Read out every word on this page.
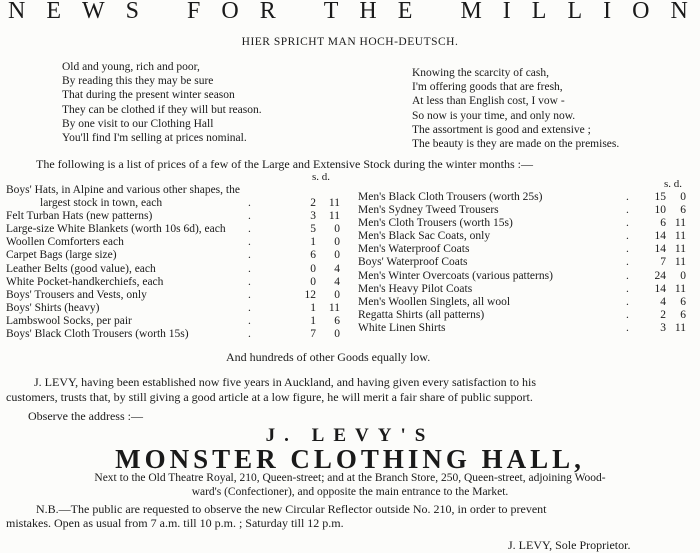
N E W S F O R T H E M I L L I O N
HIER SPRICHT MAN HOCH-DEUTSCH.
Old and young, rich and poor,
By reading this they may be sure
That during the present winter season
They can be clothed if they will but reason.
By one visit to our Clothing Hall
You'll find I'm selling at prices nominal.
Knowing the scarcity of cash,
I'm offering goods that are fresh,
At less than English cost, I vow -
So now is your time, and only now.
The assortment is good and extensive ;
The beauty is they are made on the premises.
The following is a list of prices of a few of the Large and Extensive Stock during the winter months :—
s. d.
s. d.
Boys' Hats, in Alpine and various other shapes, the
largest stock in town, each	.	2	11
Felt Turban Hats (new patterns)	.	3	11
Large-size White Blankets (worth 10s 6d), each .	5	0
Woollen Comforters each	.	1	0
Carpet Bags (large size)	.	6	0
Leather Belts (good value), each	.	0	4
White Pocket-handkerchiefs, each	.	0	4
Boys' Trousers and Vests, only	.	12	0
Boys' Shirts (heavy)	.	1	11
Lambswool Socks, per pair	.	1	6
Boys' Black Cloth Trousers (worth 15s)	.	7	0
Men's Black Cloth Trousers (worth 25s)	.	15	0
Men's Sydney Tweed Trousers	.	10	6
Men's Cloth Trousers (worth 15s)	.	6 11
Men's Black Sac Coats, only	.	14 11
Men's Waterproof Coats	.	14 11
Boys' Waterproof Coats	.	7 11
Men's Winter Overcoats (various patterns)	.	24	0
Men's Heavy Pilot Coats	.	14 11
Men's Woollen Singlets, all wool	.	4	6
Regatta Shirts (all patterns)	.	2	6
White Linen Shirts	.	3 11
And hundreds of other Goods equally low.
J. LEVY, having been established now five years in Auckland, and having given every satisfaction to his
customers, trusts that, by still giving a good article at a low figure, he will merit a fair share of public support.
Observe the address :—
J. LEVY'S
MONSTER CLOTHING HALL,
Next to the Old Theatre Royal, 210, Queen-street; and at the Branch Store, 250, Queen-street, adjoining Wood-
ward's (Confectioner), and opposite the main entrance to the Market.
N.B.—The public are requested to observe the new Circular Reflector outside No. 210, in order to prevent
mistakes. Open as usual from 7 a.m. till 10 p.m. ; Saturday till 12 p.m.
J. LEVY, Sole Proprietor.
